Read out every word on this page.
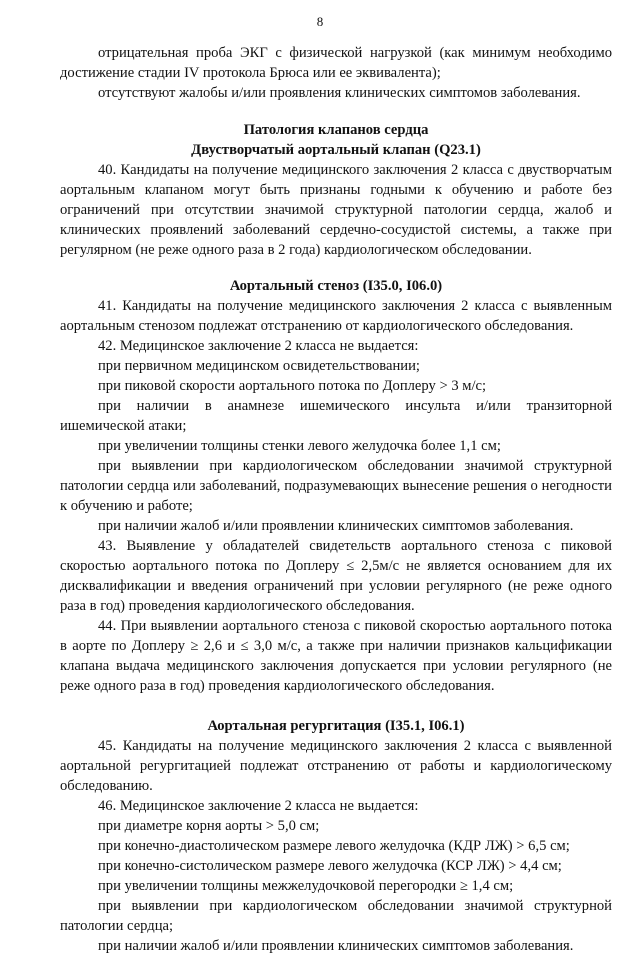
8

отрицательная проба ЭКГ с физической нагрузкой (как минимум необходимо достижение стадии IV протокола Брюса или ее эквивалента);

отсутствуют жалобы и/или проявления клинических симптомов заболевания.

Патология клапанов сердца

Двустворчатый аортальный клапан (Q23.1)

40. Кандидаты на получение медицинского заключения 2 класса с двустворчатым аортальным клапаном могут быть признаны годными к обучению и работе без ограничений при отсутствии значимой структурной патологии сердца, жалоб и клинических проявлений заболеваний сердечно-сосудистой системы, а также при регулярном (не реже одного раза в 2 года) кардиологическом обследовании.

Аортальный стеноз (I35.0, I06.0)

41. Кандидаты на получение медицинского заключения 2 класса с выявленным аортальным стенозом подлежат отстранению от кардиологического обследования.

42. Медицинское заключение 2 класса не выдается:

при первичном медицинском освидетельствовании;

при пиковой скорости аортального потока по Доплеру > 3 м/с;

при наличии в анамнезе ишемического инсульта и/или транзиторной ишемической атаки;

при увеличении толщины стенки левого желудочка более 1,1 см;

при выявлении при кардиологическом обследовании значимой структурной патологии сердца или заболеваний, подразумевающих вынесение решения о негодности к обучению и работе;

при наличии жалоб и/или проявлении клинических симптомов заболевания.

43. Выявление у обладателей свидетельств аортального стеноза с пиковой скоростью аортального потока по Доплеру ≤ 2,5м/с не является основанием для их дисквалификации и введения ограничений при условии регулярного (не реже одного раза в год) проведения кардиологического обследования.

44. При выявлении аортального стеноза с пиковой скоростью аортального потока в аорте по Доплеру ≥ 2,6 и ≤ 3,0 м/с, а также при наличии признаков кальцификации клапана выдача медицинского заключения допускается при условии регулярного (не реже одного раза в год) проведения кардиологического обследования.

Аортальная регургитация (I35.1, I06.1)

45. Кандидаты на получение медицинского заключения 2 класса с выявленной аортальной регургитацией подлежат отстранению от работы и кардиологическому обследованию.

46. Медицинское заключение 2 класса не выдается:

при диаметре корня аорты > 5,0 см;

при конечно-диастолическом размере левого желудочка (КДР ЛЖ) > 6,5 см;

при конечно-систолическом размере левого желудочка (КСР ЛЖ) > 4,4 см;

при увеличении толщины межжелудочковой перегородки ≥ 1,4 см;

при выявлении при кардиологическом обследовании значимой структурной патологии сердца;

при наличии жалоб и/или проявлении клинических симптомов заболевания.
